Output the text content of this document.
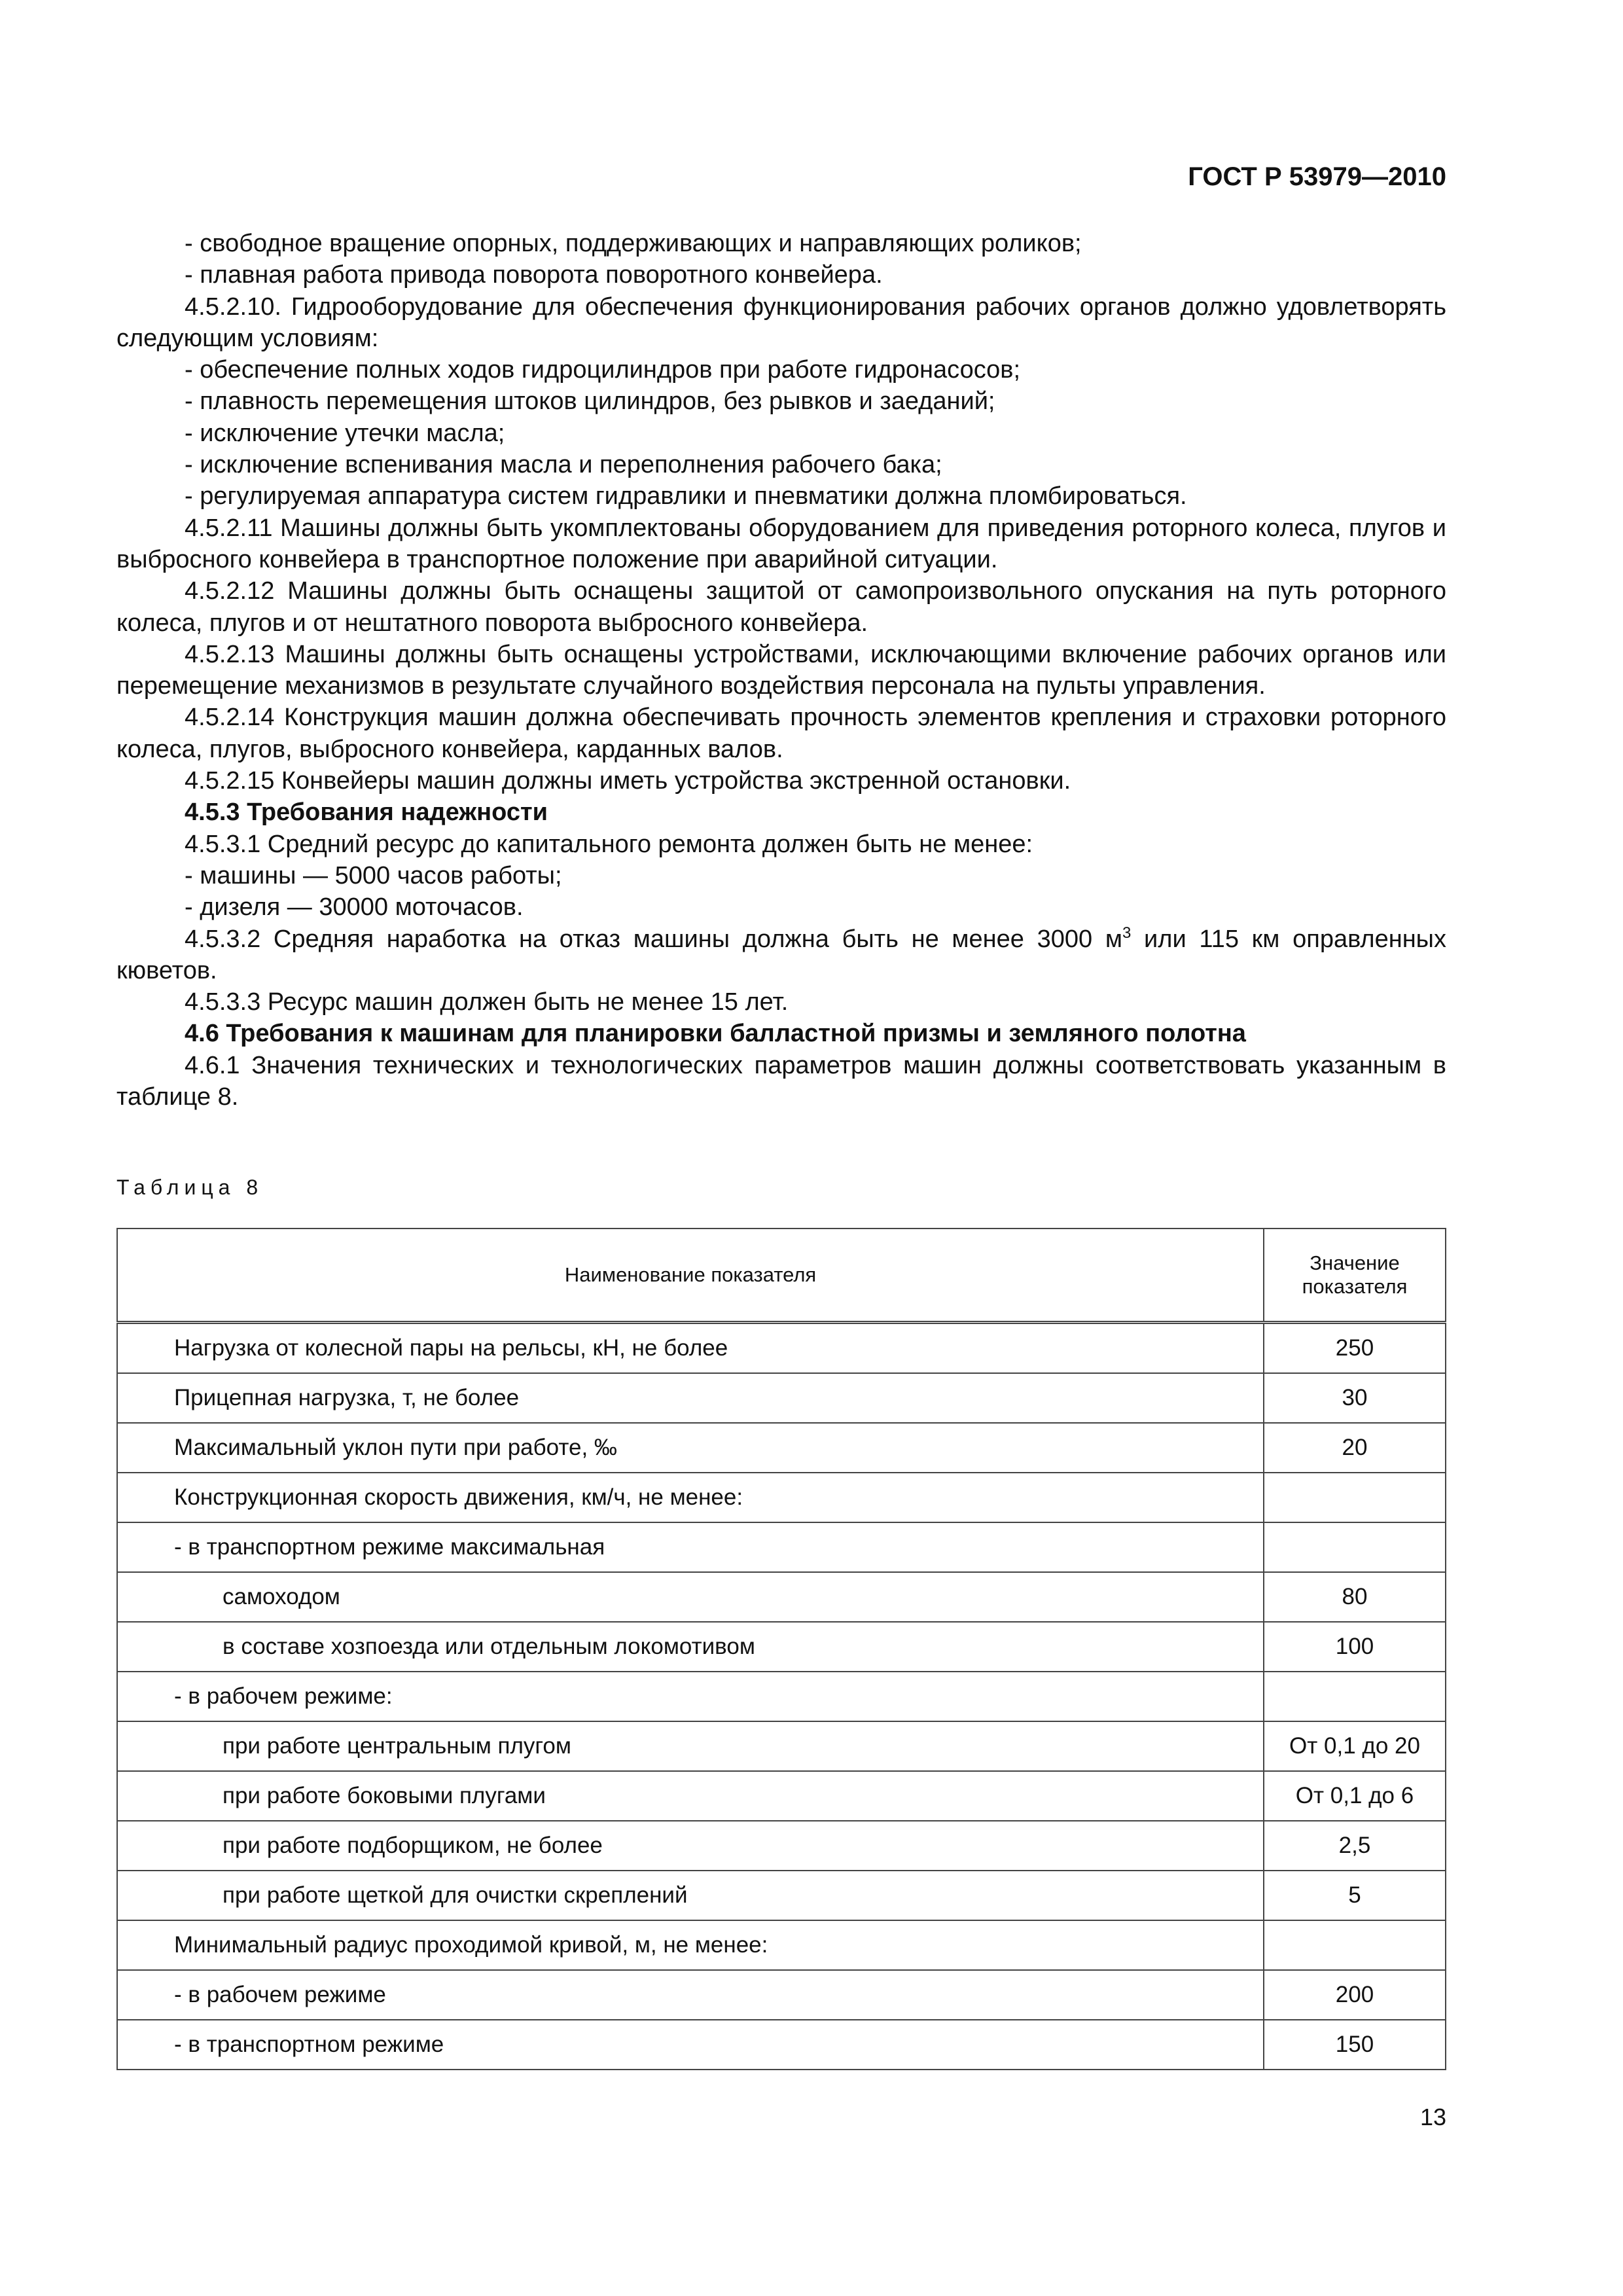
ГОСТ Р 53979—2010

- свободное вращение опорных, поддерживающих и направляющих роликов;

- плавная работа привода поворота поворотного конвейера.

4.5.2.10. Гидрооборудование для обеспечения функционирования рабочих органов должно удовлетворять следующим условиям:

- обеспечение полных ходов гидроцилиндров при работе гидронасосов;

- плавность перемещения штоков цилиндров, без рывков и заеданий;

- исключение утечки масла;

- исключение вспенивания масла и переполнения рабочего бака;

- регулируемая аппаратура систем гидравлики и пневматики должна пломбироваться.

4.5.2.11 Машины должны быть укомплектованы оборудованием для приведения роторного колеса, плугов и выбросного конвейера в транспортное положение при аварийной ситуации.

4.5.2.12 Машины должны быть оснащены защитой от самопроизвольного опускания на путь роторного колеса, плугов и от нештатного поворота выбросного конвейера.

4.5.2.13 Машины должны быть оснащены устройствами, исключающими включение рабочих органов или перемещение механизмов в результате случайного воздействия персонала на пульты управления.

4.5.2.14 Конструкция машин должна обеспечивать прочность элементов крепления и страховки роторного колеса, плугов, выбросного конвейера, карданных валов.

4.5.2.15 Конвейеры машин должны иметь устройства экстренной остановки.

4.5.3 Требования надежности

4.5.3.1 Средний ресурс до капитального ремонта должен быть не менее:

- машины — 5000 часов работы;

- дизеля — 30000 моточасов.

4.5.3.2 Средняя наработка на отказ машины должна быть не менее 3000 $м^3$ или 115 км оправленных кюветов.

4.5.3.3 Ресурс машин должен быть не менее 15 лет.

4.6 Требования к машинам для планировки балластной призмы и земляного полотна

4.6.1 Значения технических и технологических параметров машин должны соответствовать указанным в таблице 8.

Таблица 8
Наименование показателя	Значение показателя
Нагрузка от колесной пары на рельсы, кН, не более	250
Прицепная нагрузка, т, не более	30
Максимальный уклон пути при работе, ‰	20
Конструкционная скорость движения, км/ч, не менее:	
- в транспортном режиме максимальная	
самоходом	80
в составе хозпоезда или отдельным локомотивом	100
- в рабочем режиме:	
при работе центральным плугом	От 0,1 до 20
при работе боковыми плугами	От 0,1 до 6
при работе подборщиком, не более	2,5
при работе щеткой для очистки скреплений	5
Минимальный радиус проходимой кривой, м, не менее:	
- в рабочем режиме	200
- в транспортном режиме	150
13
